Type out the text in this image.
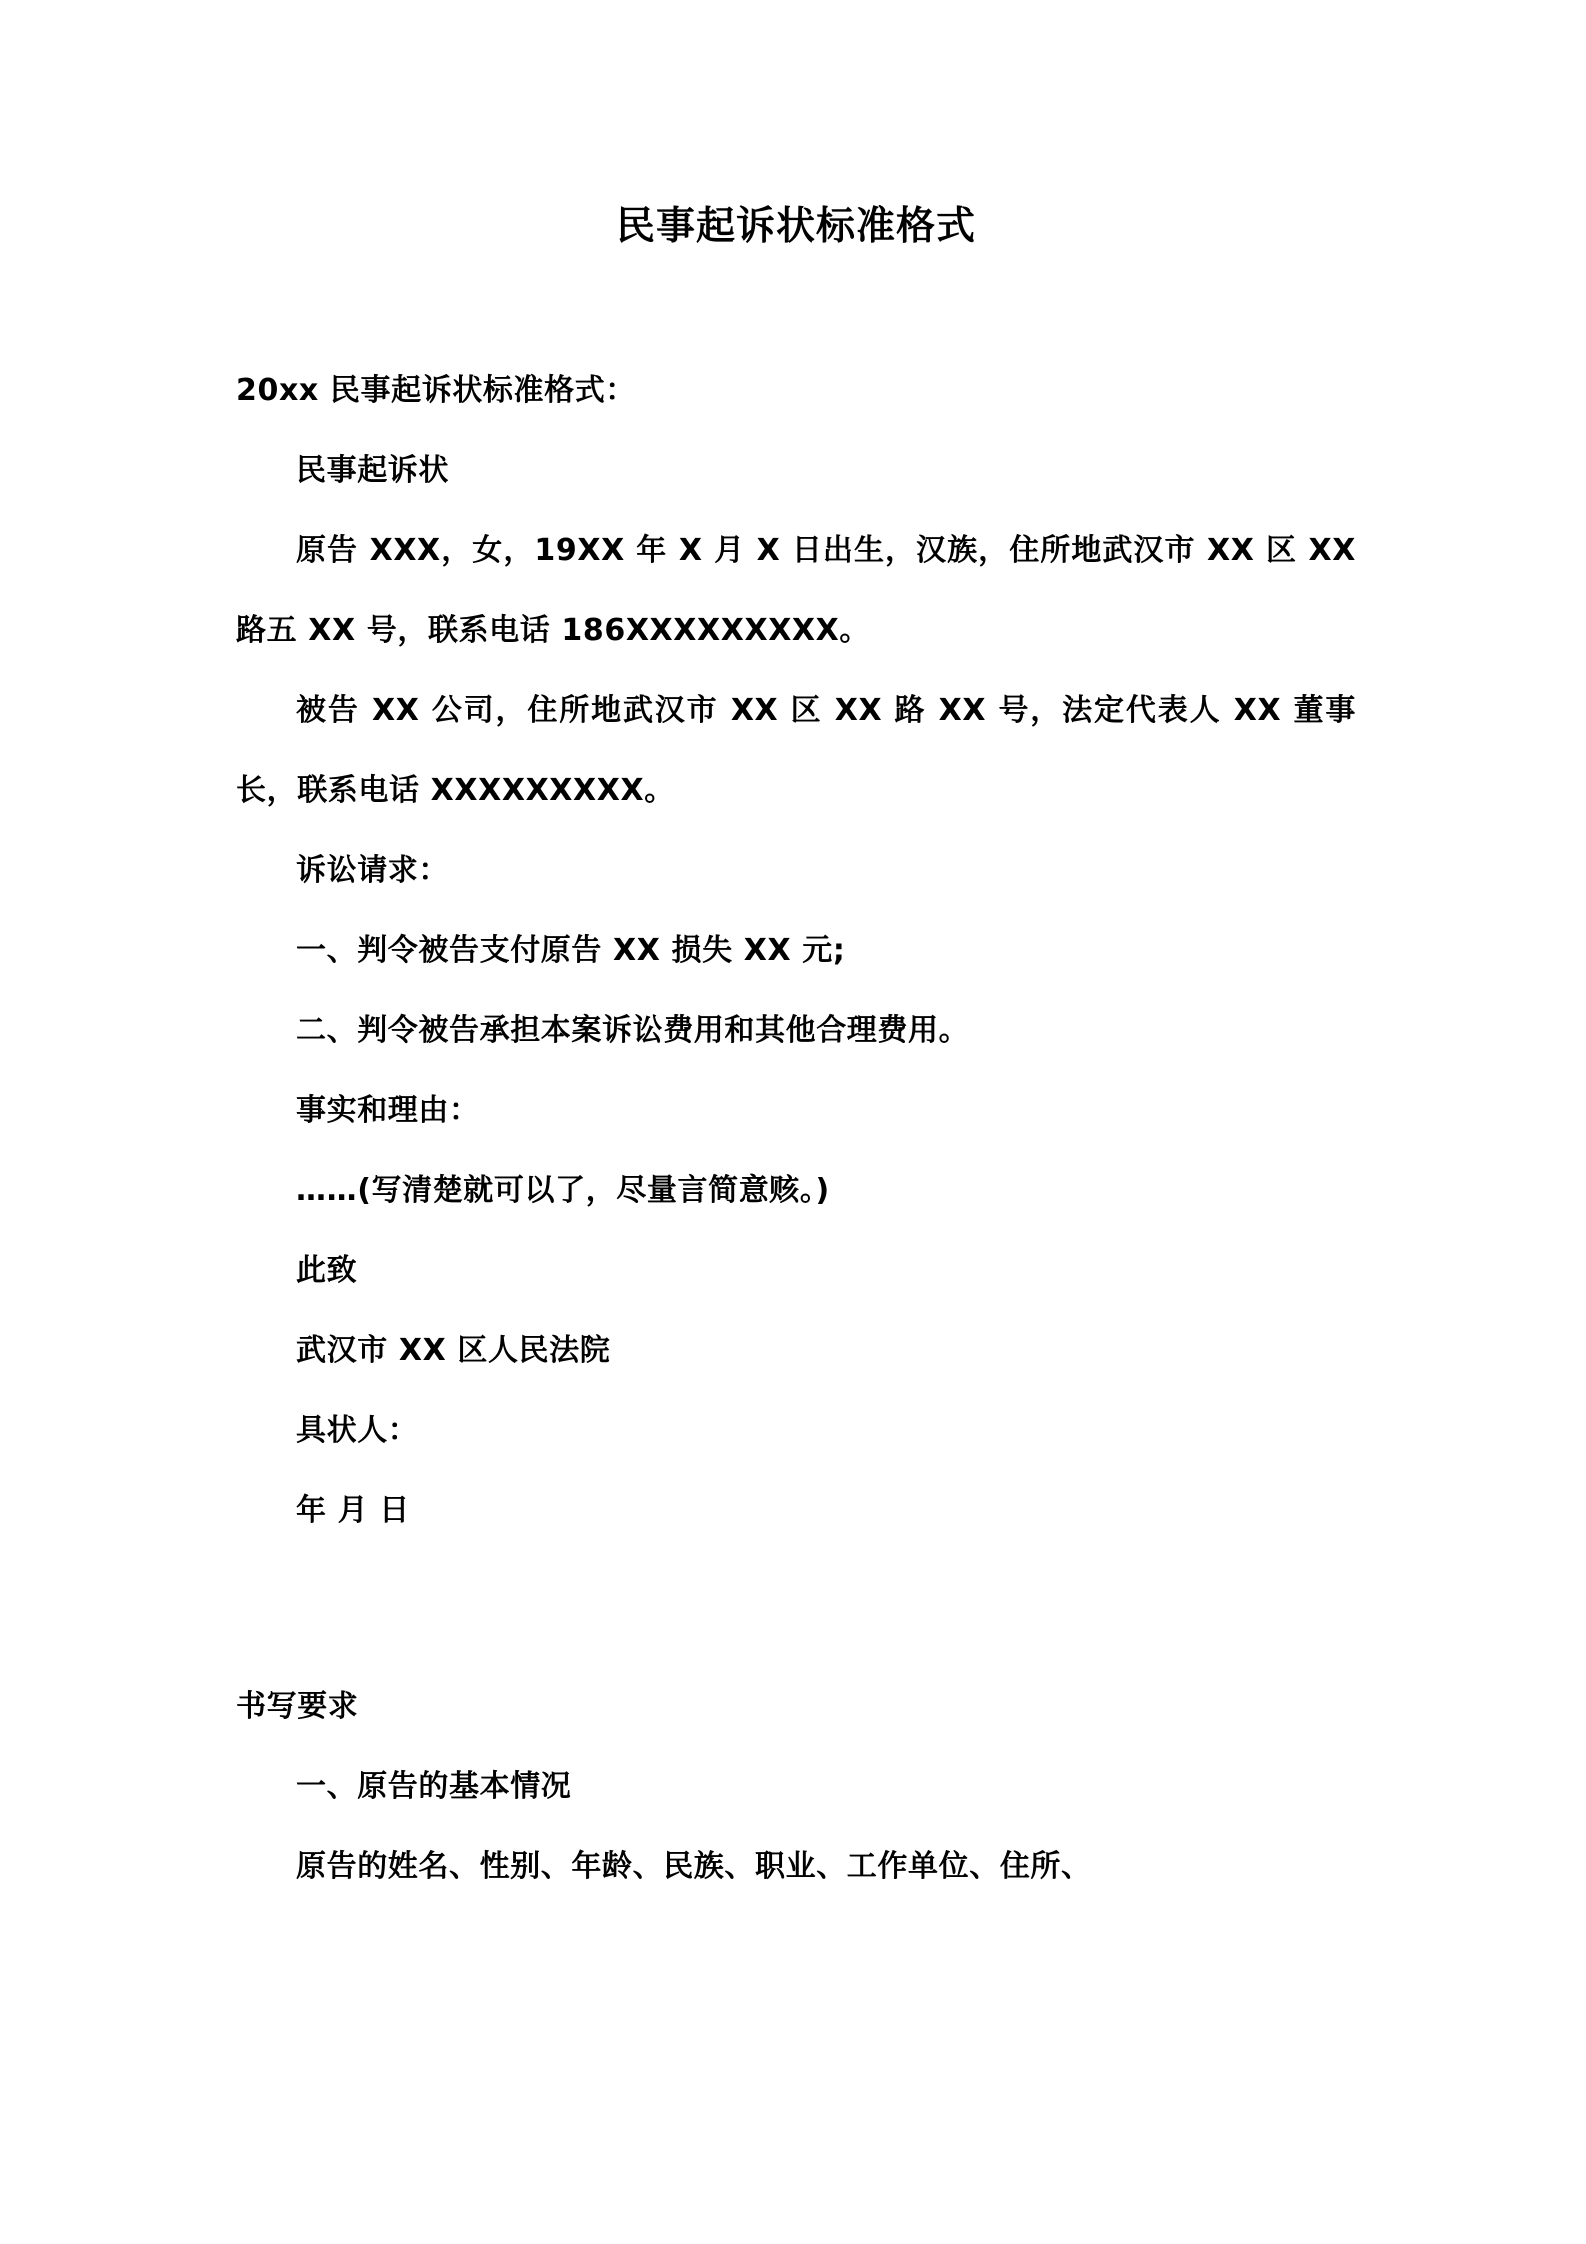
民事起诉状标准格式

20xx 民事起诉状标准格式：

民事起诉状

原告 XXX，女，19XX 年 X 月 X 日出生，汉族，住所地武汉市 XX 区 XX 路五 XX 号，联系电话 186XXXXXXXXX。

被告 XX 公司，住所地武汉市 XX 区 XX 路 XX 号，法定代表人 XX 董事长，联系电话 XXXXXXXXX。

诉讼请求：

一、判令被告支付原告 XX 损失 XX 元;

二、判令被告承担本案诉讼费用和其他合理费用。

事实和理由：

……(写清楚就可以了，尽量言简意赅。)

此致

武汉市 XX 区人民法院

具状人：

年 月 日

书写要求

一、原告的基本情况

原告的姓名、性别、年龄、民族、职业、工作单位、住所、
